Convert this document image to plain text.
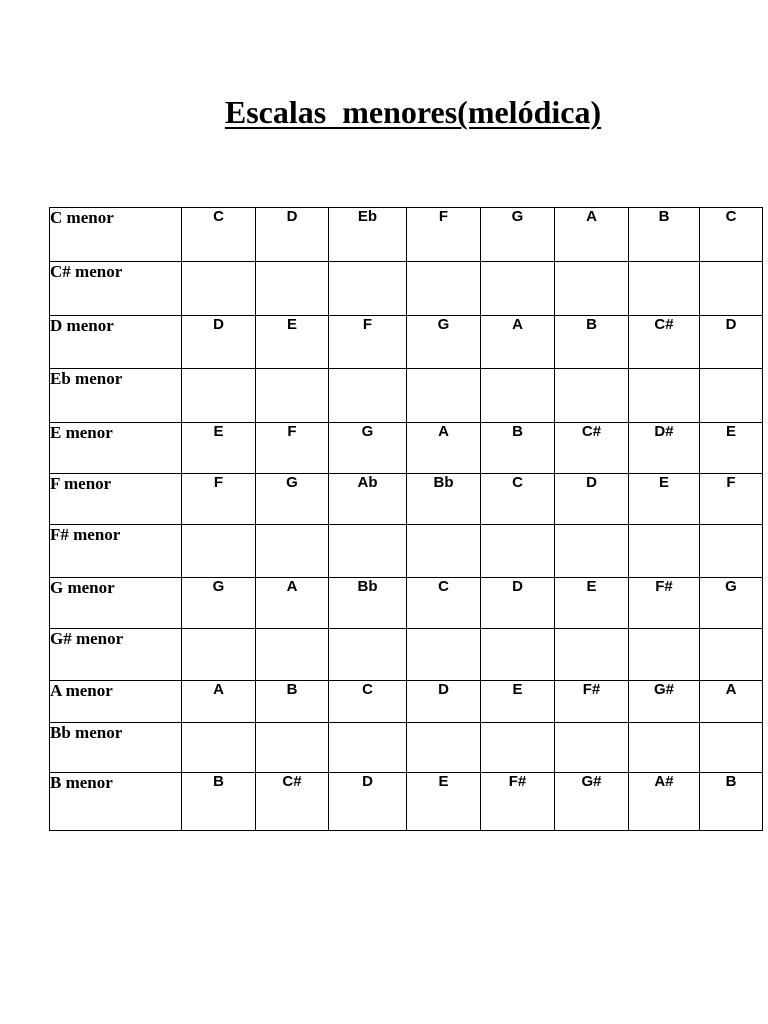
Escalas  menores(melódica)
C menor	C	D	Eb	F	G	A	B	C
C# menor								
D menor	D	E	F	G	A	B	C#	D
Eb menor								
E menor	E	F	G	A	B	C#	D#	E
F menor	F	G	Ab	Bb	C	D	E	F
F# menor								
G menor	G	A	Bb	C	D	E	F#	G
G# menor								
A menor	A	B	C	D	E	F#	G#	A
Bb menor								
B menor	B	C#	D	E	F#	G#	A#	B
